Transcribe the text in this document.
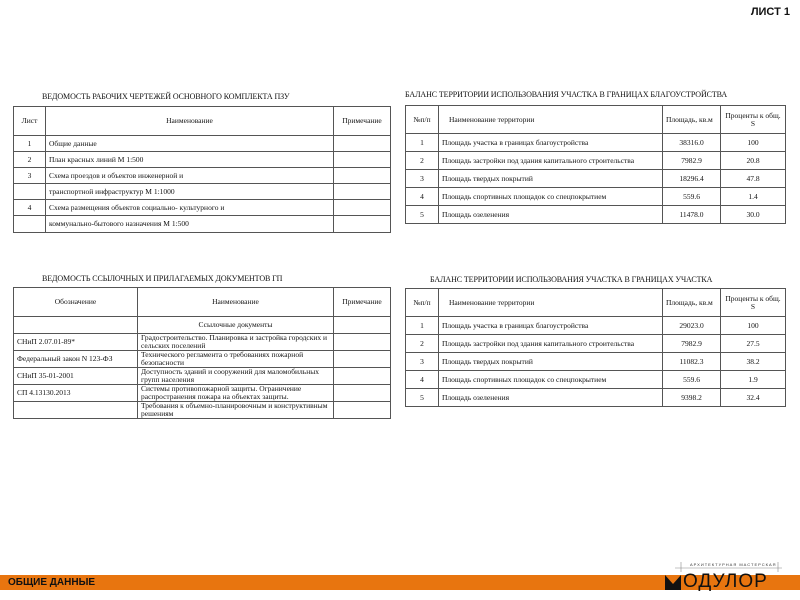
ЛИСТ 1
ВЕДОМОСТЬ РАБОЧИХ ЧЕРТЕЖЕЙ ОСНОВНОГО КОМПЛЕКТА ПЗУ
Лист	Наименование	Примечание
1	Общие данные	
2	План красных линий М 1:500	
3	Схема проездов и объектов инженерной и	
	транспортной инфраструктур М 1:1000	
4	Схема размещения объектов социально- культурного и	
	коммунально-бытового назначения М 1:500	
ВЕДОМОСТЬ ССЫЛОЧНЫХ И ПРИЛАГАЕМЫХ ДОКУМЕНТОВ ГП
Обозначение	Наименование	Примечание
	Ссылочные документы	
СНиП 2.07.01-89*	Градостроительство. Планировка и застройка городских и сельских поселений	
Федеральный закон N 123-ФЗ	Технического регламента о требованиях пожарной безопасности	
СНиП 35-01-2001	Доступность зданий и сооружений для маломобильных групп населения	
СП 4.13130.2013	Системы противопожарной защиты. Ограничение распространения пожара на объектах защиты.	
	Требования к объемно-планировочным и конструктивным решениям	
БАЛАНС ТЕРРИТОРИИ ИСПОЛЬЗОВАНИЯ УЧАСТКА В ГРАНИЦАХ БЛАГОУСТРОЙСТВА
№п/п	Наименование территории	Площадь, кв.м	Проценты к общ. S
1	Площадь участка в границах благоустройства	38316.0	100
2	Площадь застройки под здания капитального строительства	7982.9	20.8
3	Площадь твердых покрытий	18296.4	47.8
4	Площадь спортивных площадок со спецпокрытием	559.6	1.4
5	Площадь озеленения	11478.0	30.0
БАЛАНС ТЕРРИТОРИИ ИСПОЛЬЗОВАНИЯ УЧАСТКА В ГРАНИЦАХ УЧАСТКА
№п/п	Наименование территории	Площадь, кв.м	Проценты к общ. S
1	Площадь участка в границах благоустройства	29023.0	100
2	Площадь застройки под здания капитального строительства	7982.9	27.5
3	Площадь твердых покрытий	11082.3	38.2
4	Площадь спортивных площадок со спецпокрытием	559.6	1.9
5	Площадь озеленения	9398.2	32.4
ОБЩИЕ ДАННЫЕ
АРХИТЕКТУРНАЯ МАСТЕРСКАЯ
ОДУЛОР
